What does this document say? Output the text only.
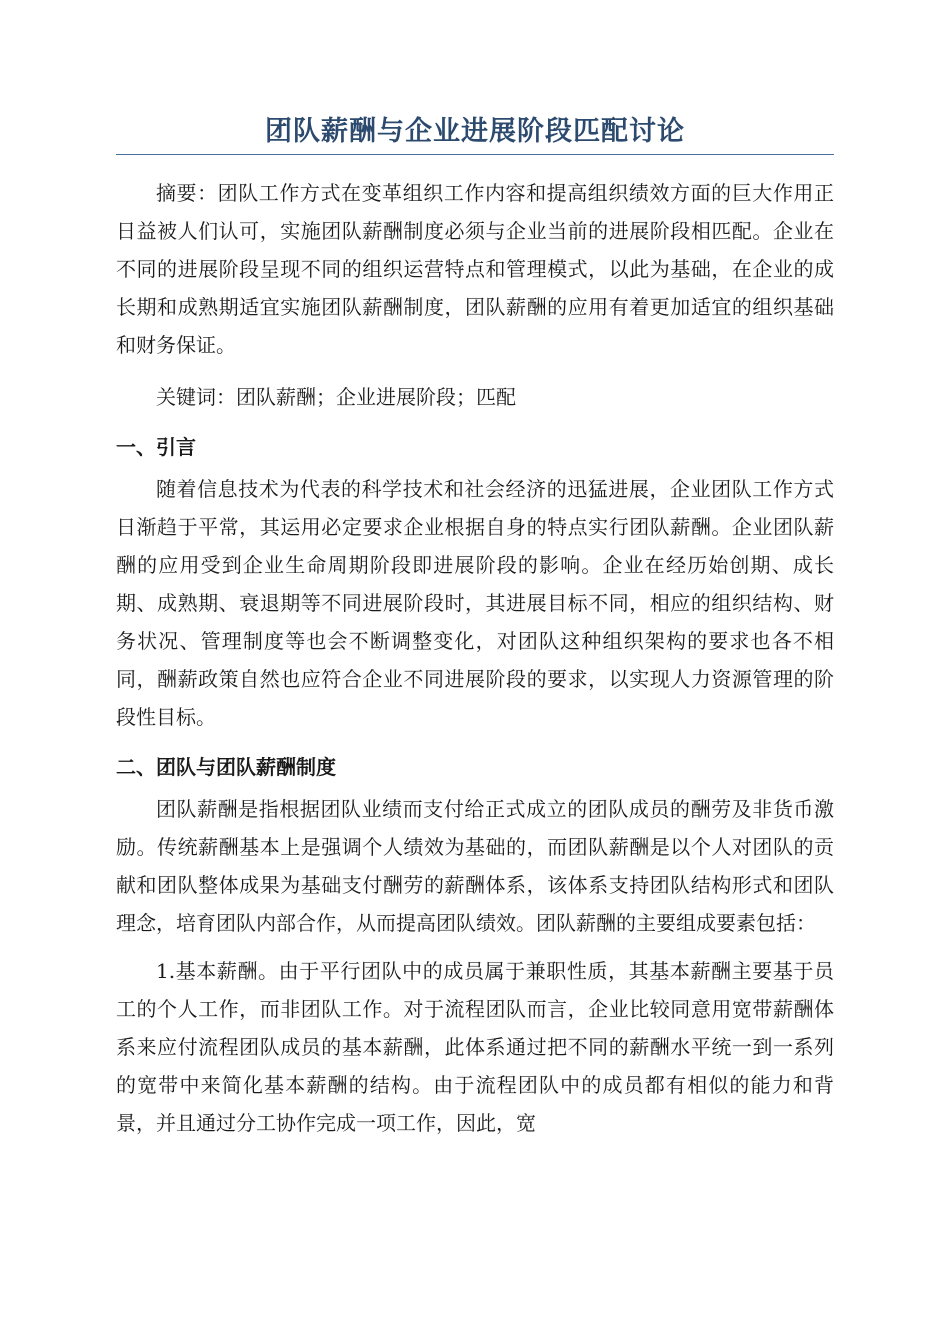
团队薪酬与企业进展阶段匹配讨论

摘要：团队工作方式在变革组织工作内容和提高组织绩效方面的巨大作用正日益被人们认可，实施团队薪酬制度必须与企业当前的进展阶段相匹配。企业在不同的进展阶段呈现不同的组织运营特点和管理模式，以此为基础，在企业的成长期和成熟期适宜实施团队薪酬制度，团队薪酬的应用有着更加适宜的组织基础和财务保证。

关键词：团队薪酬；企业进展阶段；匹配

一、引言

随着信息技术为代表的科学技术和社会经济的迅猛进展，企业团队工作方式日渐趋于平常，其运用必定要求企业根据自身的特点实行团队薪酬。企业团队薪酬的应用受到企业生命周期阶段即进展阶段的影响。企业在经历始创期、成长期、成熟期、衰退期等不同进展阶段时，其进展目标不同，相应的组织结构、财务状况、管理制度等也会不断调整变化，对团队这种组织架构的要求也各不相同，酬薪政策自然也应符合企业不同进展阶段的要求，以实现人力资源管理的阶段性目标。

二、团队与团队薪酬制度

团队薪酬是指根据团队业绩而支付给正式成立的团队成员的酬劳及非货币激励。传统薪酬基本上是强调个人绩效为基础的，而团队薪酬是以个人对团队的贡献和团队整体成果为基础支付酬劳的薪酬体系，该体系支持团队结构形式和团队理念，培育团队内部合作，从而提高团队绩效。团队薪酬的主要组成要素包括：

1.基本薪酬。由于平行团队中的成员属于兼职性质，其基本薪酬主要基于员工的个人工作，而非团队工作。对于流程团队而言，企业比较同意用宽带薪酬体系来应付流程团队成员的基本薪酬，此体系通过把不同的薪酬水平统一到一系列的宽带中来简化基本薪酬的结构。由于流程团队中的成员都有相似的能力和背景，并且通过分工协作完成一项工作，因此，宽
